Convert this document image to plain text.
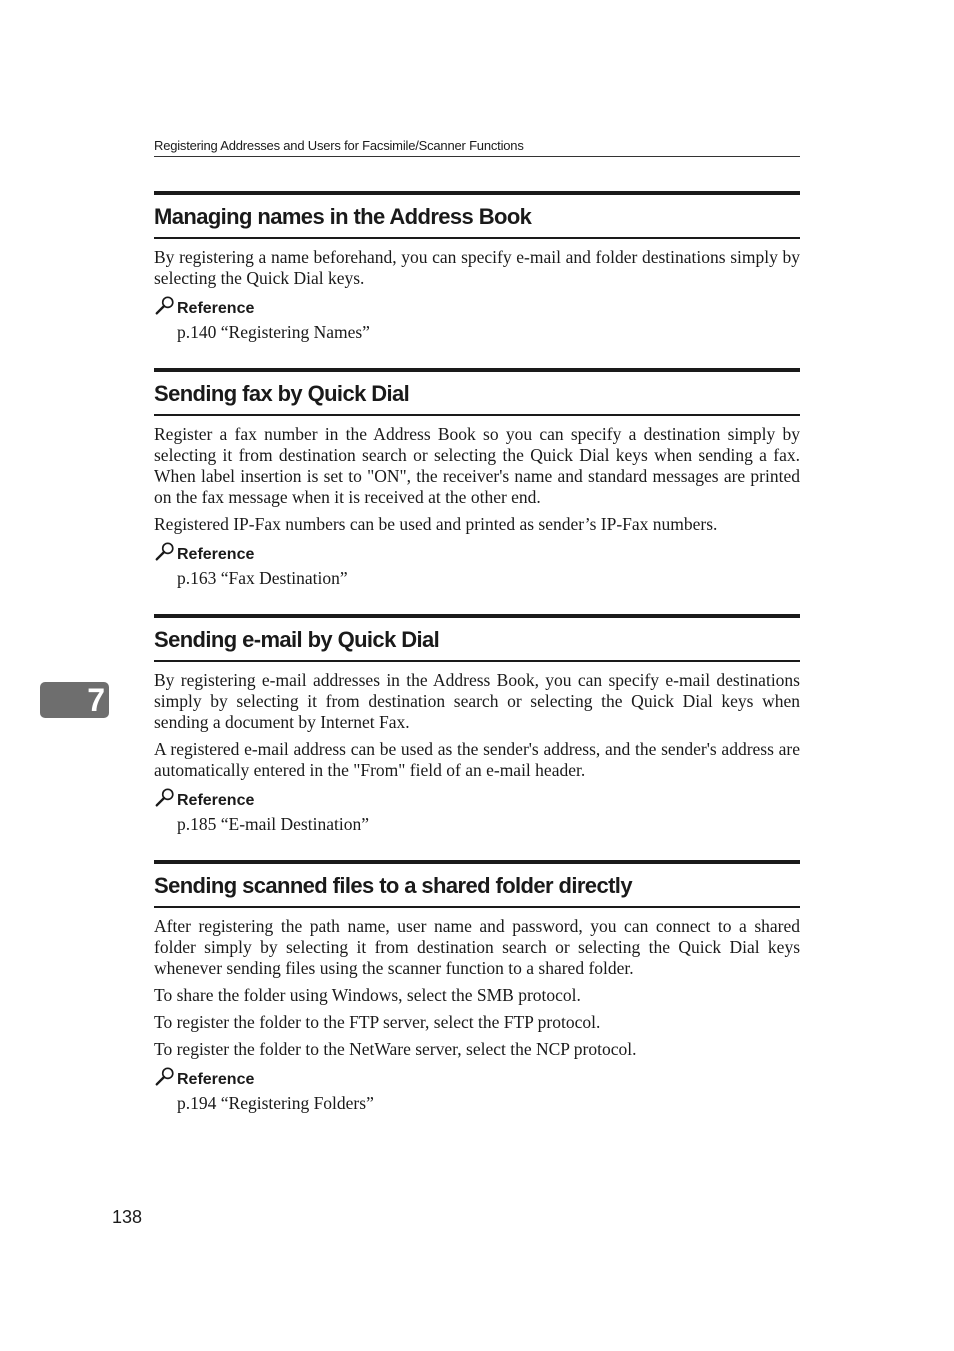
Registering Addresses and Users for Facsimile/Scanner Functions
Managing names in the Address Book

By registering a name beforehand, you can specify e-mail and folder destinations simply by selecting the Quick Dial keys.

Reference
p.140 “Registering Names”
Sending fax by Quick Dial

Register a fax number in the Address Book so you can specify a destination simply by selecting it from destination search or selecting the Quick Dial keys when sending a fax. When label insertion is set to "ON", the receiver's name and standard messages are printed on the fax message when it is received at the other end.

Registered IP-Fax numbers can be used and printed as sender’s IP-Fax numbers.

Reference
p.163 “Fax Destination”
Sending e-mail by Quick Dial

By registering e-mail addresses in the Address Book, you can specify e-mail destinations simply by selecting it from destination search or selecting the Quick Dial keys when sending a document by Internet Fax.

A registered e-mail address can be used as the sender's address, and the sender's address are automatically entered in the "From" field of an e-mail header.

Reference
p.185 “E-mail Destination”
Sending scanned files to a shared folder directly

After registering the path name, user name and password, you can connect to a shared folder simply by selecting it from destination search or selecting the Quick Dial keys whenever sending files using the scanner function to a shared folder.

To share the folder using Windows, select the SMB protocol.

To register the folder to the FTP server, select the FTP protocol.

To register the folder to the NetWare server, select the NCP protocol.

Reference
p.194 “Registering Folders”
7
138
